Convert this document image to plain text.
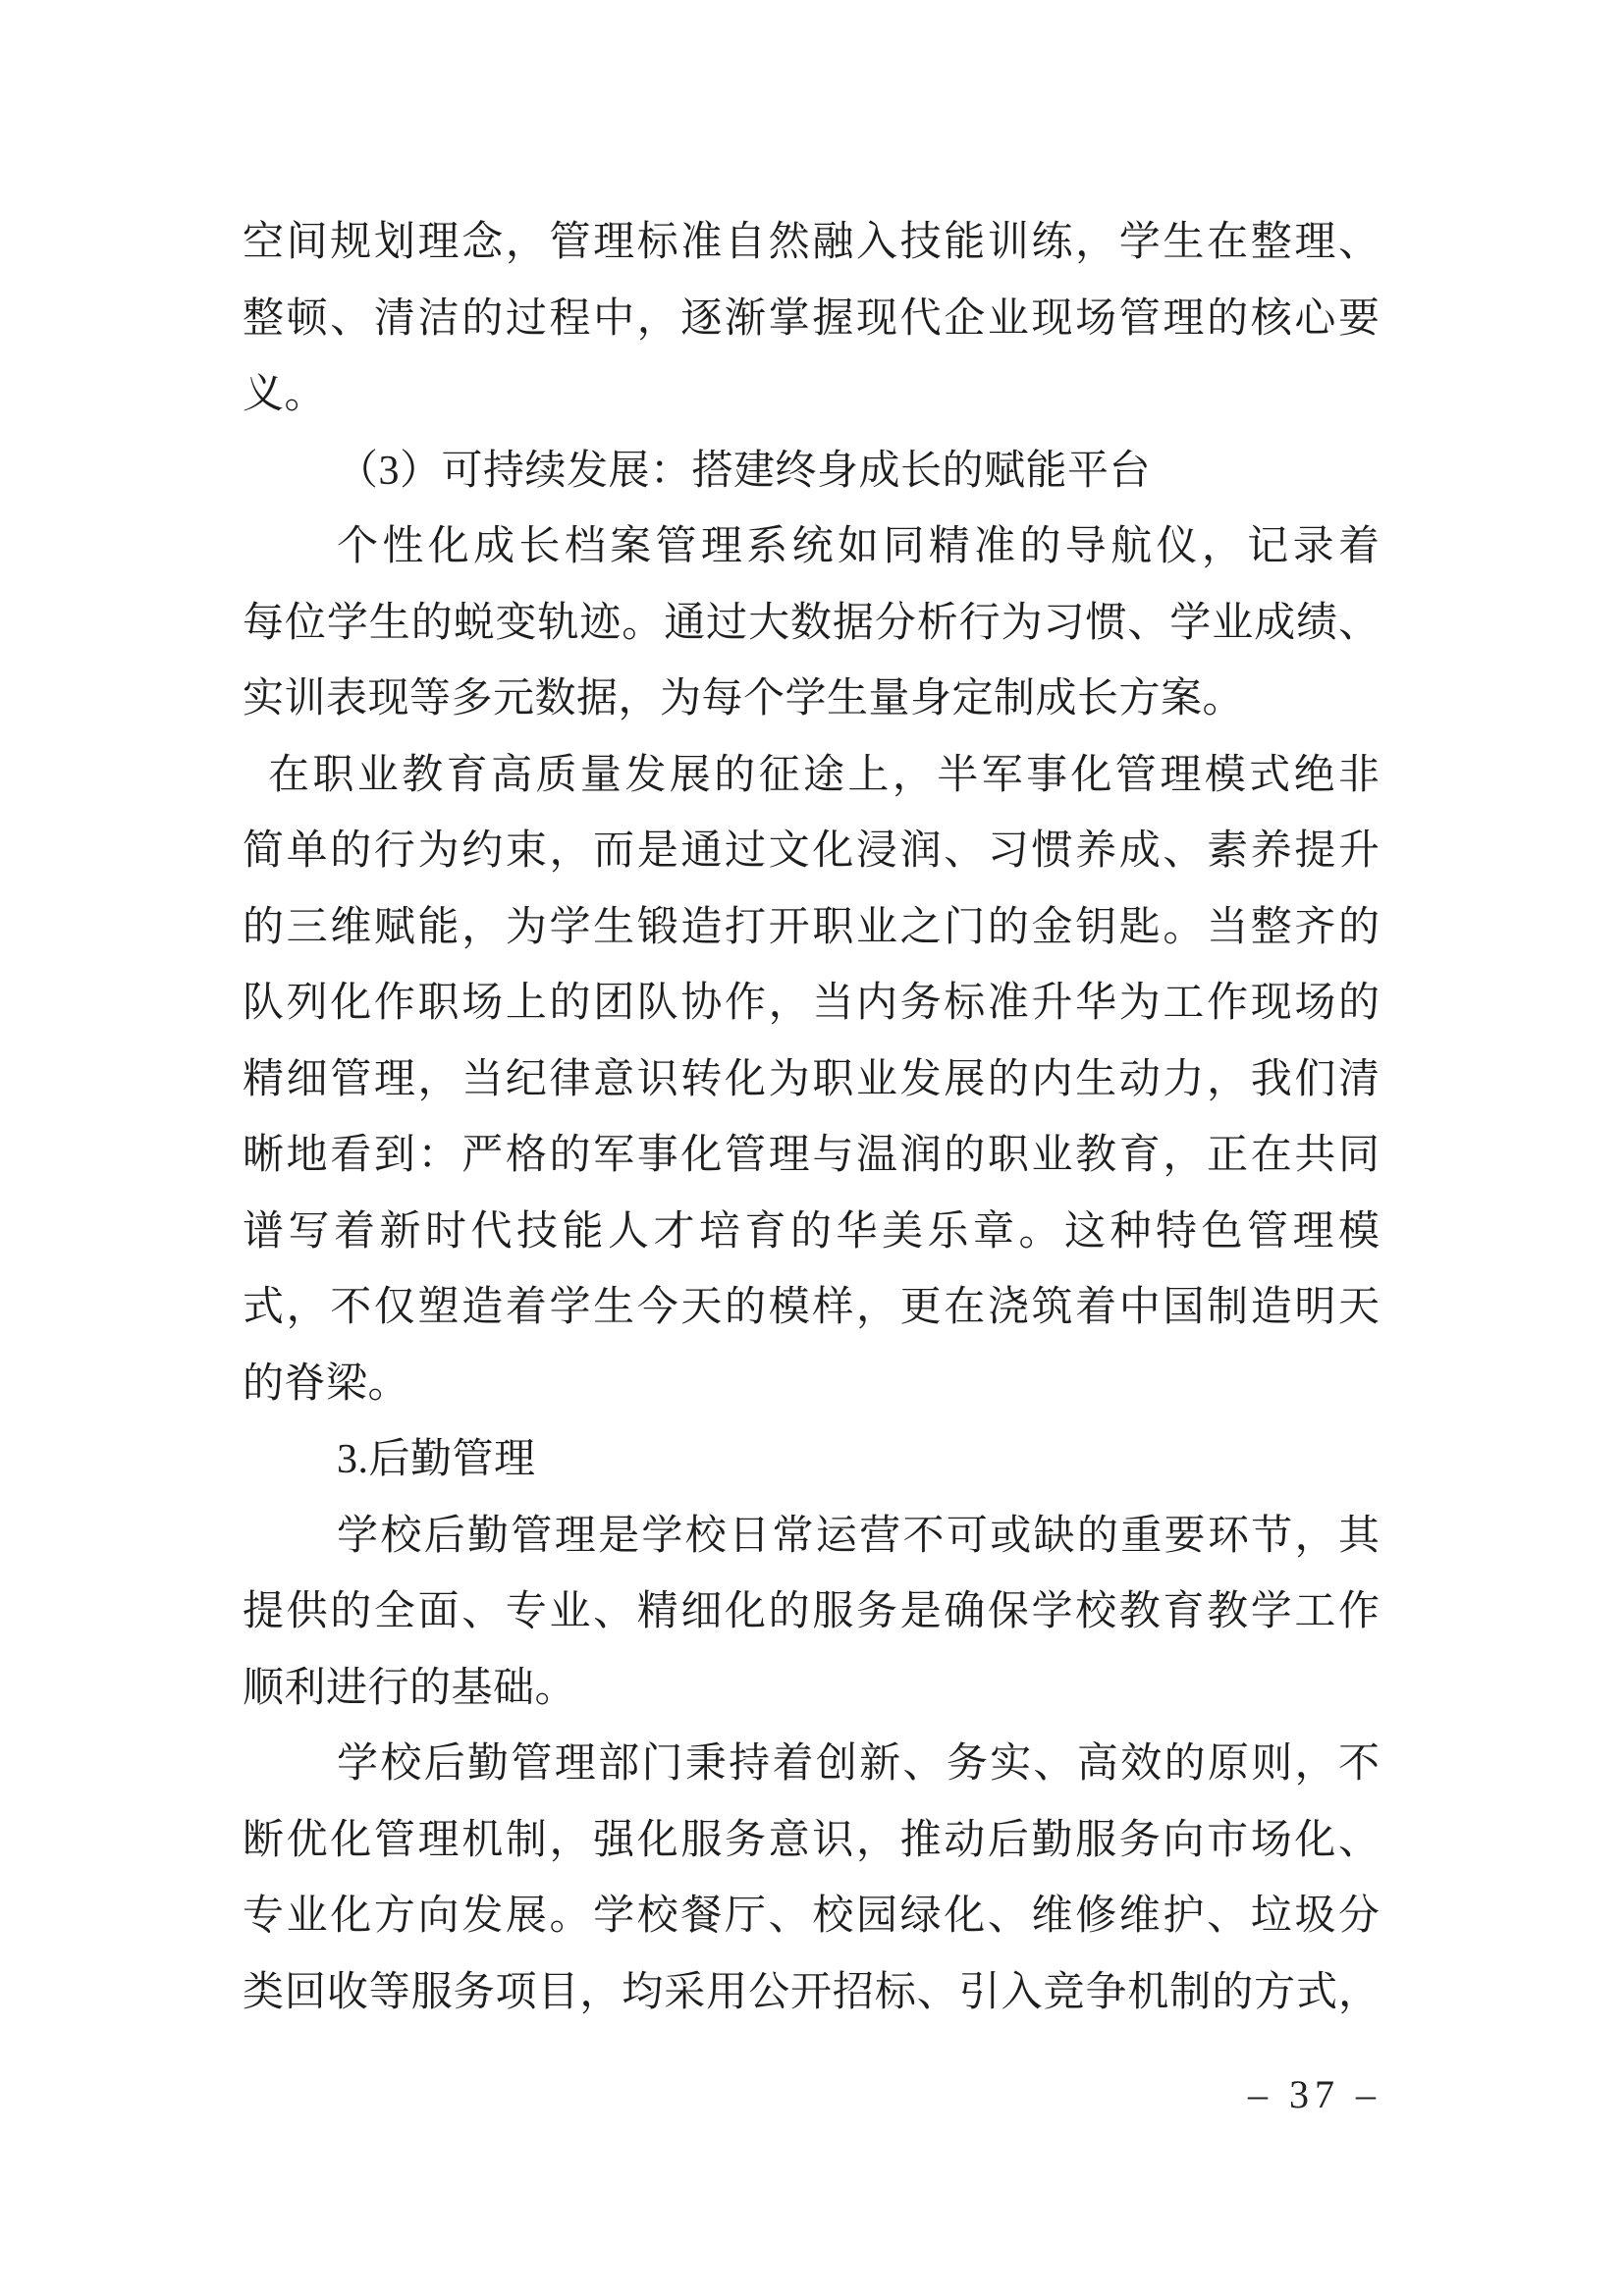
空间规划理念，管理标准自然融入技能训练，学生在整理、
整顿、清洁的过程中，逐渐掌握现代企业现场管理的核心要
义。
（3）可持续发展：搭建终身成长的赋能平台
个性化成长档案管理系统如同精准的导航仪，记录着
每位学生的蜕变轨迹。通过大数据分析行为习惯、学业成绩、
实训表现等多元数据，为每个学生量身定制成长方案。
在职业教育高质量发展的征途上，半军事化管理模式绝非
简单的行为约束，而是通过文化浸润、习惯养成、素养提升
的三维赋能，为学生锻造打开职业之门的金钥匙。当整齐的
队列化作职场上的团队协作，当内务标准升华为工作现场的
精细管理，当纪律意识转化为职业发展的内生动力，我们清
晰地看到：严格的军事化管理与温润的职业教育，正在共同
谱写着新时代技能人才培育的华美乐章。这种特色管理模
式，不仅塑造着学生今天的模样，更在浇筑着中国制造明天
的脊梁。
3.后勤管理
学校后勤管理是学校日常运营不可或缺的重要环节，其
提供的全面、专业、精细化的服务是确保学校教育教学工作
顺利进行的基础。
学校后勤管理部门秉持着创新、务实、高效的原则，不
断优化管理机制，强化服务意识，推动后勤服务向市场化、
专业化方向发展。学校餐厅、校园绿化、维修维护、垃圾分
类回收等服务项目，均采用公开招标、引入竞争机制的方式，
– 37 –
